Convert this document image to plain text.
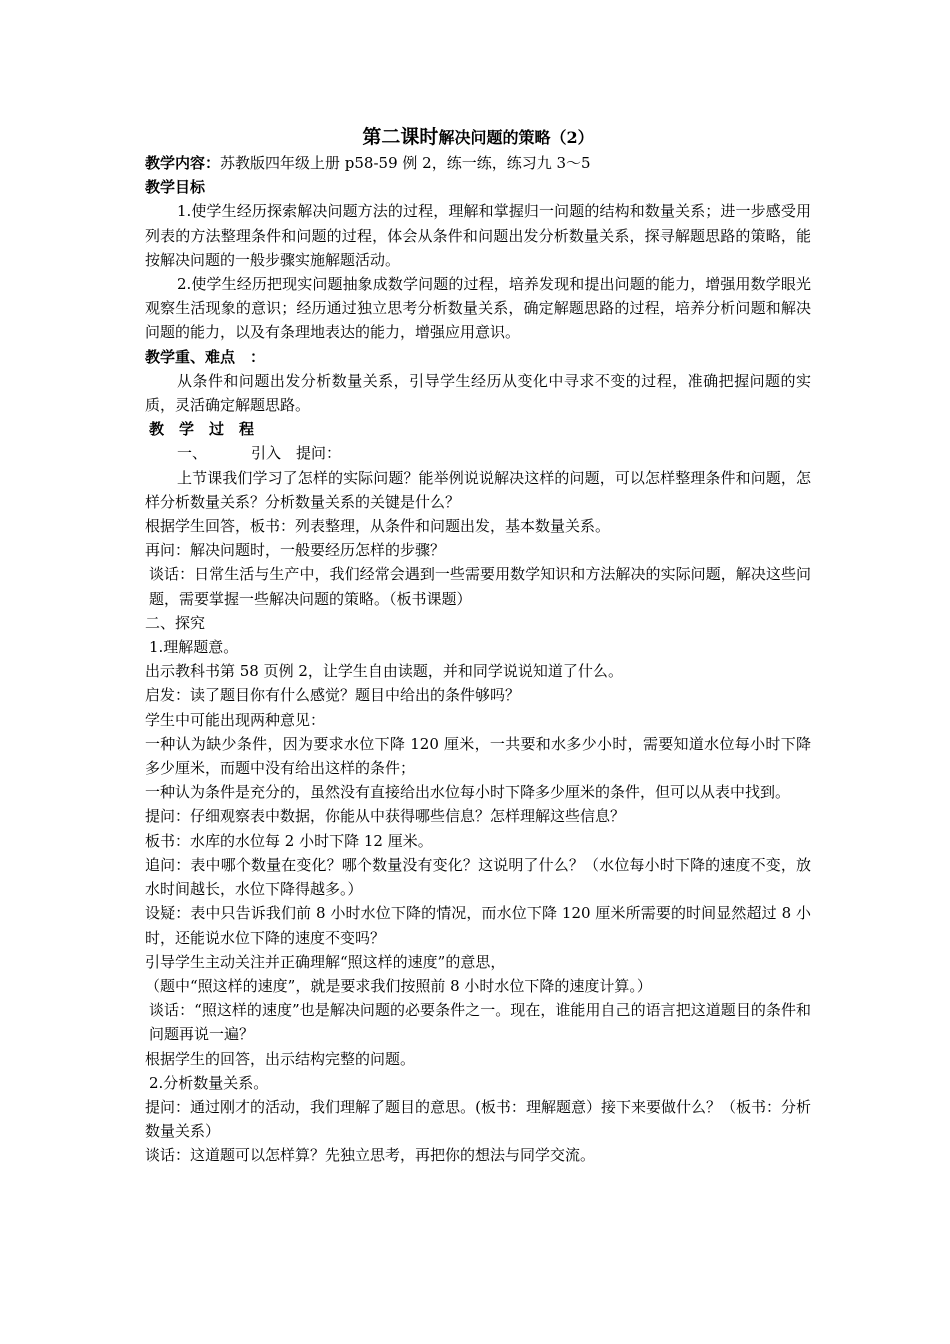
第二课时解决问题的策略（2）

教学内容：苏教版四年级上册 p58-59 例 2，练一练，练习九 3～5

教学目标

1.使学生经历探索解决问题方法的过程，理解和掌握归一问题的结构和数量关系；进一步感受用列表的方法整理条件和问题的过程，体会从条件和问题出发分析数量关系，探寻解题思路的策略，能按解决问题的一般步骤实施解题活动。

2.使学生经历把现实问题抽象成数学问题的过程，培养发现和提出问题的能力，增强用数学眼光观察生活现象的意识；经历通过独立思考分析数量关系，确定解题思路的过程，培养分析问题和解决问题的能力，以及有条理地表达的能力，增强应用意识。

教学重、难点　：

从条件和问题出发分析数量关系，引导学生经历从变化中寻求不变的过程，准确把握问题的实质，灵活确定解题思路。

教　学　过　程

一、	引入　提问：

上节课我们学习了怎样的实际问题？能举例说说解决这样的问题，可以怎样整理条件和问题，怎样分析数量关系？分析数量关系的关键是什么？

根据学生回答，板书：列表整理，从条件和问题出发，基本数量关系。

再问：解决问题时，一般要经历怎样的步骤？

谈话：日常生活与生产中，我们经常会遇到一些需要用数学知识和方法解决的实际问题，解决这些问题，需要掌握一些解决问题的策略。（板书课题）

二、探究

1.理解题意。

出示教科书第 58 页例 2，让学生自由读题，并和同学说说知道了什么。

启发：读了题目你有什么感觉？题目中给出的条件够吗？

学生中可能出现两种意见：

一种认为缺少条件，因为要求水位下降 120 厘米，一共要和水多少小时，需要知道水位每小时下降多少厘米，而题中没有给出这样的条件；

一种认为条件是充分的，虽然没有直接给出水位每小时下降多少厘米的条件，但可以从表中找到。

提问：仔细观察表中数据，你能从中获得哪些信息？怎样理解这些信息？

板书：水库的水位每 2 小时下降 12 厘米。

追问：表中哪个数量在变化？哪个数量没有变化？这说明了什么？（水位每小时下降的速度不变，放水时间越长，水位下降得越多。）

设疑：表中只告诉我们前 8 小时水位下降的情况，而水位下降 120 厘米所需要的时间显然超过 8 小时，还能说水位下降的速度不变吗？

引导学生主动关注并正确理解“照这样的速度”的意思，

（题中“照这样的速度”，就是要求我们按照前 8 小时水位下降的速度计算。）

谈话：“照这样的速度”也是解决问题的必要条件之一。现在，谁能用自己的语言把这道题目的条件和问题再说一遍？

根据学生的回答，出示结构完整的问题。

2.分析数量关系。

提问：通过刚才的活动，我们理解了题目的意思。(板书：理解题意）接下来要做什么？（板书：分析数量关系）

谈话：这道题可以怎样算？先独立思考，再把你的想法与同学交流。
